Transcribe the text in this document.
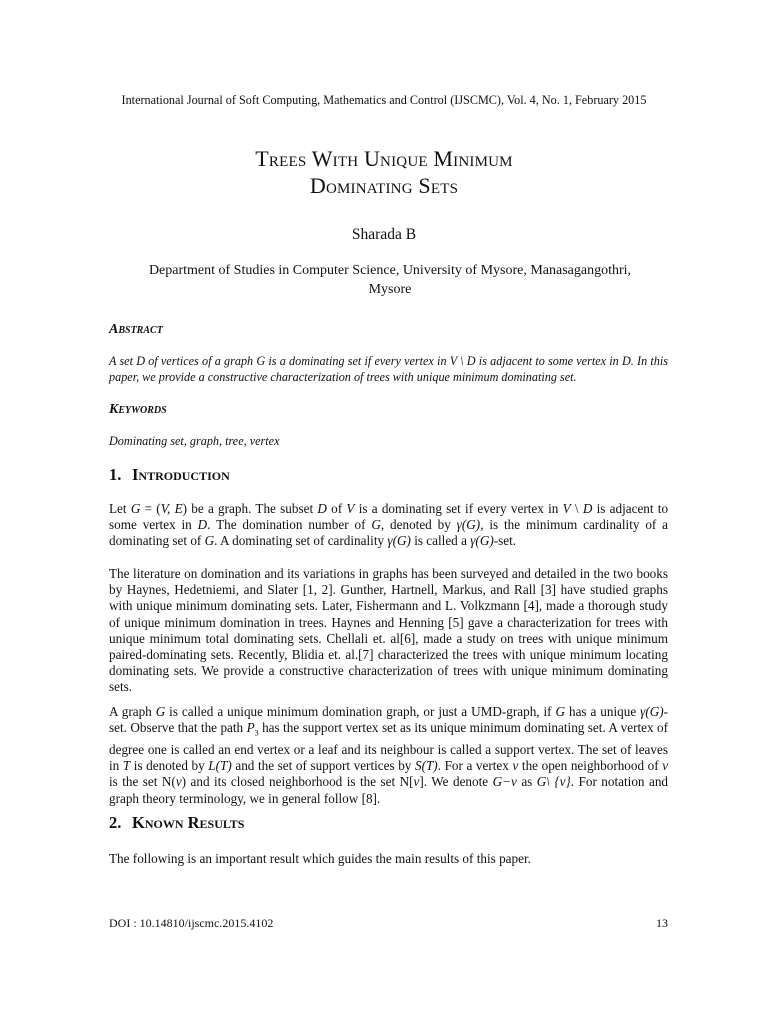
International Journal of Soft Computing, Mathematics and Control (IJSCMC), Vol. 4, No. 1, February 2015
Trees With Unique Minimum
Dominating Sets
Sharada B
Department of Studies in Computer Science, University of Mysore, Manasagangothri,
Mysore
Abstract
A set D of vertices of a graph G is a dominating set if every vertex in V \ D is adjacent to some vertex in D. In this paper, we provide a constructive characterization of trees with unique minimum dominating set.
Keywords
Dominating set, graph, tree, vertex
1. Introduction
Let G = (V, E) be a graph. The subset D of V is a dominating set if every vertex in V \ D is adjacent to some vertex in D. The domination number of G, denoted by γ(G), is the minimum cardinality of a dominating set of G. A dominating set of cardinality γ(G) is called a γ(G)-set.
The literature on domination and its variations in graphs has been surveyed and detailed in the two books by Haynes, Hedetniemi, and Slater [1, 2]. Gunther, Hartnell, Markus, and Rall [3] have studied graphs with unique minimum dominating sets. Later, Fishermann and L. Volkzmann [4], made a thorough study of unique minimum domination in trees. Haynes and Henning [5] gave a characterization for trees with unique minimum total dominating sets. Chellali et. al[6], made a study on trees with unique minimum paired-dominating sets. Recently, Blidia et. al.[7] characterized the trees with unique minimum locating dominating sets. We provide a constructive characterization of trees with unique minimum dominating sets.
A graph G is called a unique minimum domination graph, or just a UMD-graph, if G has a unique γ(G)-set. Observe that the path $P_3$ has the support vertex set as its unique minimum dominating set. A vertex of degree one is called an end vertex or a leaf and its neighbour is called a support vertex. The set of leaves in T is denoted by L(T) and the set of support vertices by S(T). For a vertex v the open neighborhood of v is the set N(v) and its closed neighborhood is the set N[v]. We denote G−v as G\ {v}. For notation and graph theory terminology, we in general follow [8].
2. Known Results
The following is an important result which guides the main results of this paper.
DOI : 10.14810/ijscmc.2015.4102	13
